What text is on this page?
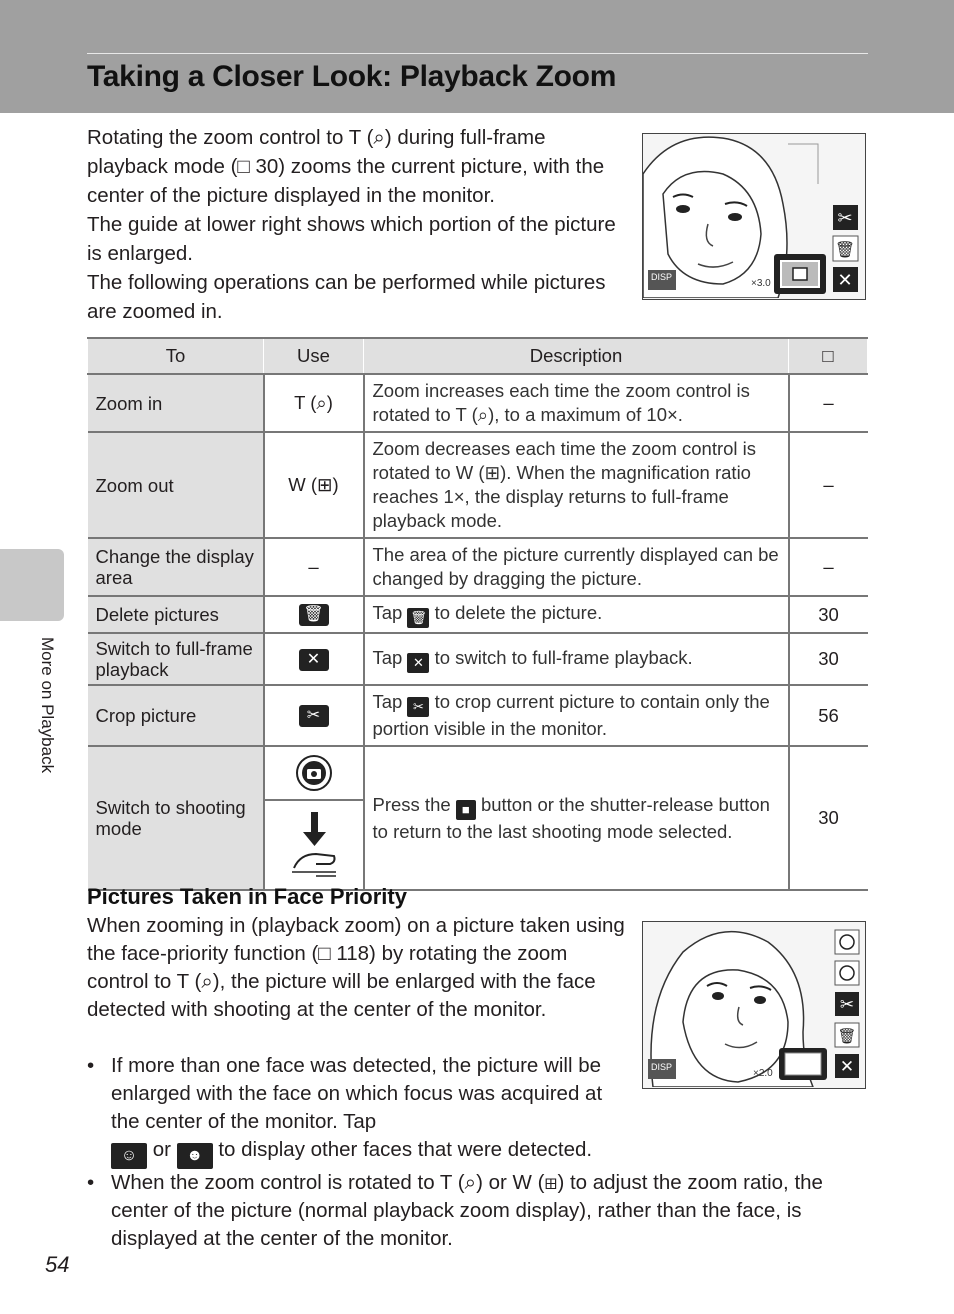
Taking a Closer Look: Playback Zoom
More on Playback

Rotating the zoom control to T (⌕) during full-frame playback mode (□ 30) zooms the current picture, with the center of the picture displayed in the monitor.

The guide at lower right shows which portion of the picture is enlarged.

The following operations can be performed while pictures are zoomed in.

✂
🗑
✕
DISP
×3.0
To	Use	Description	□
Zoom in	T (⌕)	Zoom increases each time the zoom control is rotated to T (⌕), to a maximum of 10×.	–
Zoom out	W (⊞)	Zoom decreases each time the zoom control is rotated to W (⊞). When the magnification ratio reaches 1×, the display returns to full-frame playback mode.	–
Change the display area	–	The area of the picture currently displayed can be changed by dragging the picture.	–
Delete pictures	🗑	Tap 🗑 to delete the picture.	30
Switch to full-frame playback	✕	Tap ✕ to switch to full-frame playback.	30
Crop picture	✂	Tap ✂ to crop current picture to contain only the portion visible in the monitor.	56
Switch to shooting mode		Press the ■ button or the shutter-release button to return to the last shooting mode selected.	30
Pictures Taken in Face Priority
When zooming in (playback zoom) on a picture taken using the face-priority function (□ 118) by rotating the zoom control to T (⌕), the picture will be enlarged with the face detected with shooting at the center of the monitor.	✂
🗑
✕
DISP
×2.0
• If more than one face was detected, the picture will be enlarged with the face on which focus was acquired at the center of the monitor. Tap
☺ or ☻ to display other faces that were detected.
• When the zoom control is rotated to T (⌕) or W (⊞) to adjust the zoom ratio, the center of the picture (normal playback zoom display), rather than the face, is displayed at the center of the monitor.
54
